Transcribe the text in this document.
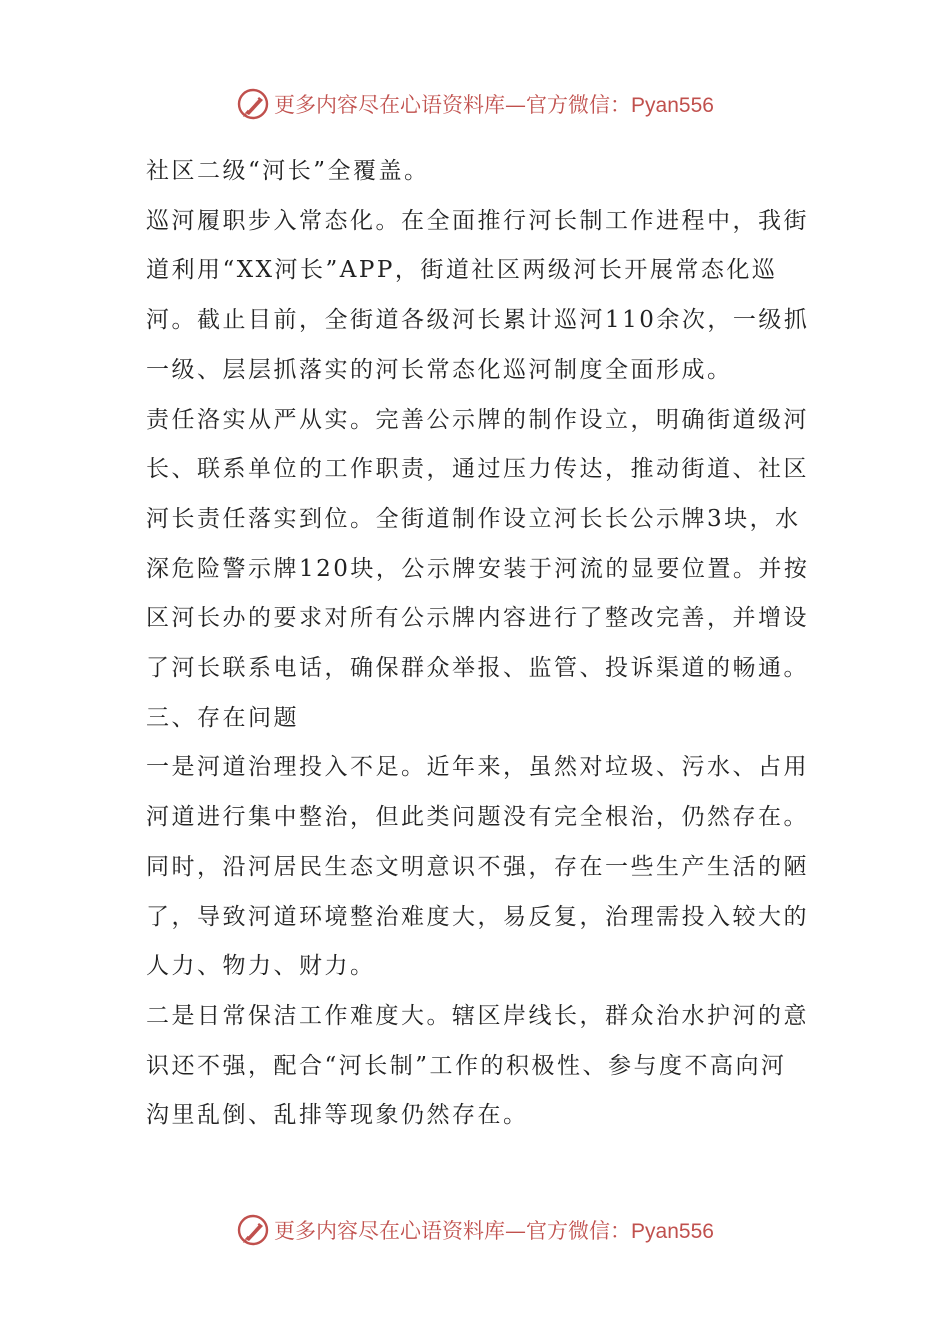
更多内容尽在心语资料库—官方微信：Pyan556

社区二级“河长”全覆盖。

巡河履职步入常态化。在全面推行河长制工作进程中，我街道利用“XX河长”APP，街道社区两级河长开展常态化巡河。截止目前，全街道各级河长累计巡河110余次，一级抓一级、层层抓落实的河长常态化巡河制度全面形成。

责任洛实从严从实。完善公示牌的制作设立，明确街道级河长、联系单位的工作职责，通过压力传达，推动街道、社区河长责任落实到位。全街道制作设立河长长公示牌3块，水深危险警示牌120块，公示牌安装于河流的显要位置。并按区河长办的要求对所有公示牌内容进行了整改完善，并增设了河长联系电话，确保群众举报、监管、投诉渠道的畅通。

三、存在问题

一是河道治理投入不足。近年来，虽然对垃圾、污水、占用河道进行集中整治，但此类问题没有完全根治，仍然存在。同时，沿河居民生态文明意识不强，存在一些生产生活的陋了，导致河道环境整治难度大，易反复，治理需投入较大的人力、物力、财力。

二是日常保洁工作难度大。辖区岸线长，群众治水护河的意识还不强，配合“河长制”工作的积极性、参与度不高向河沟里乱倒、乱排等现象仍然存在。

更多内容尽在心语资料库—官方微信：Pyan556
